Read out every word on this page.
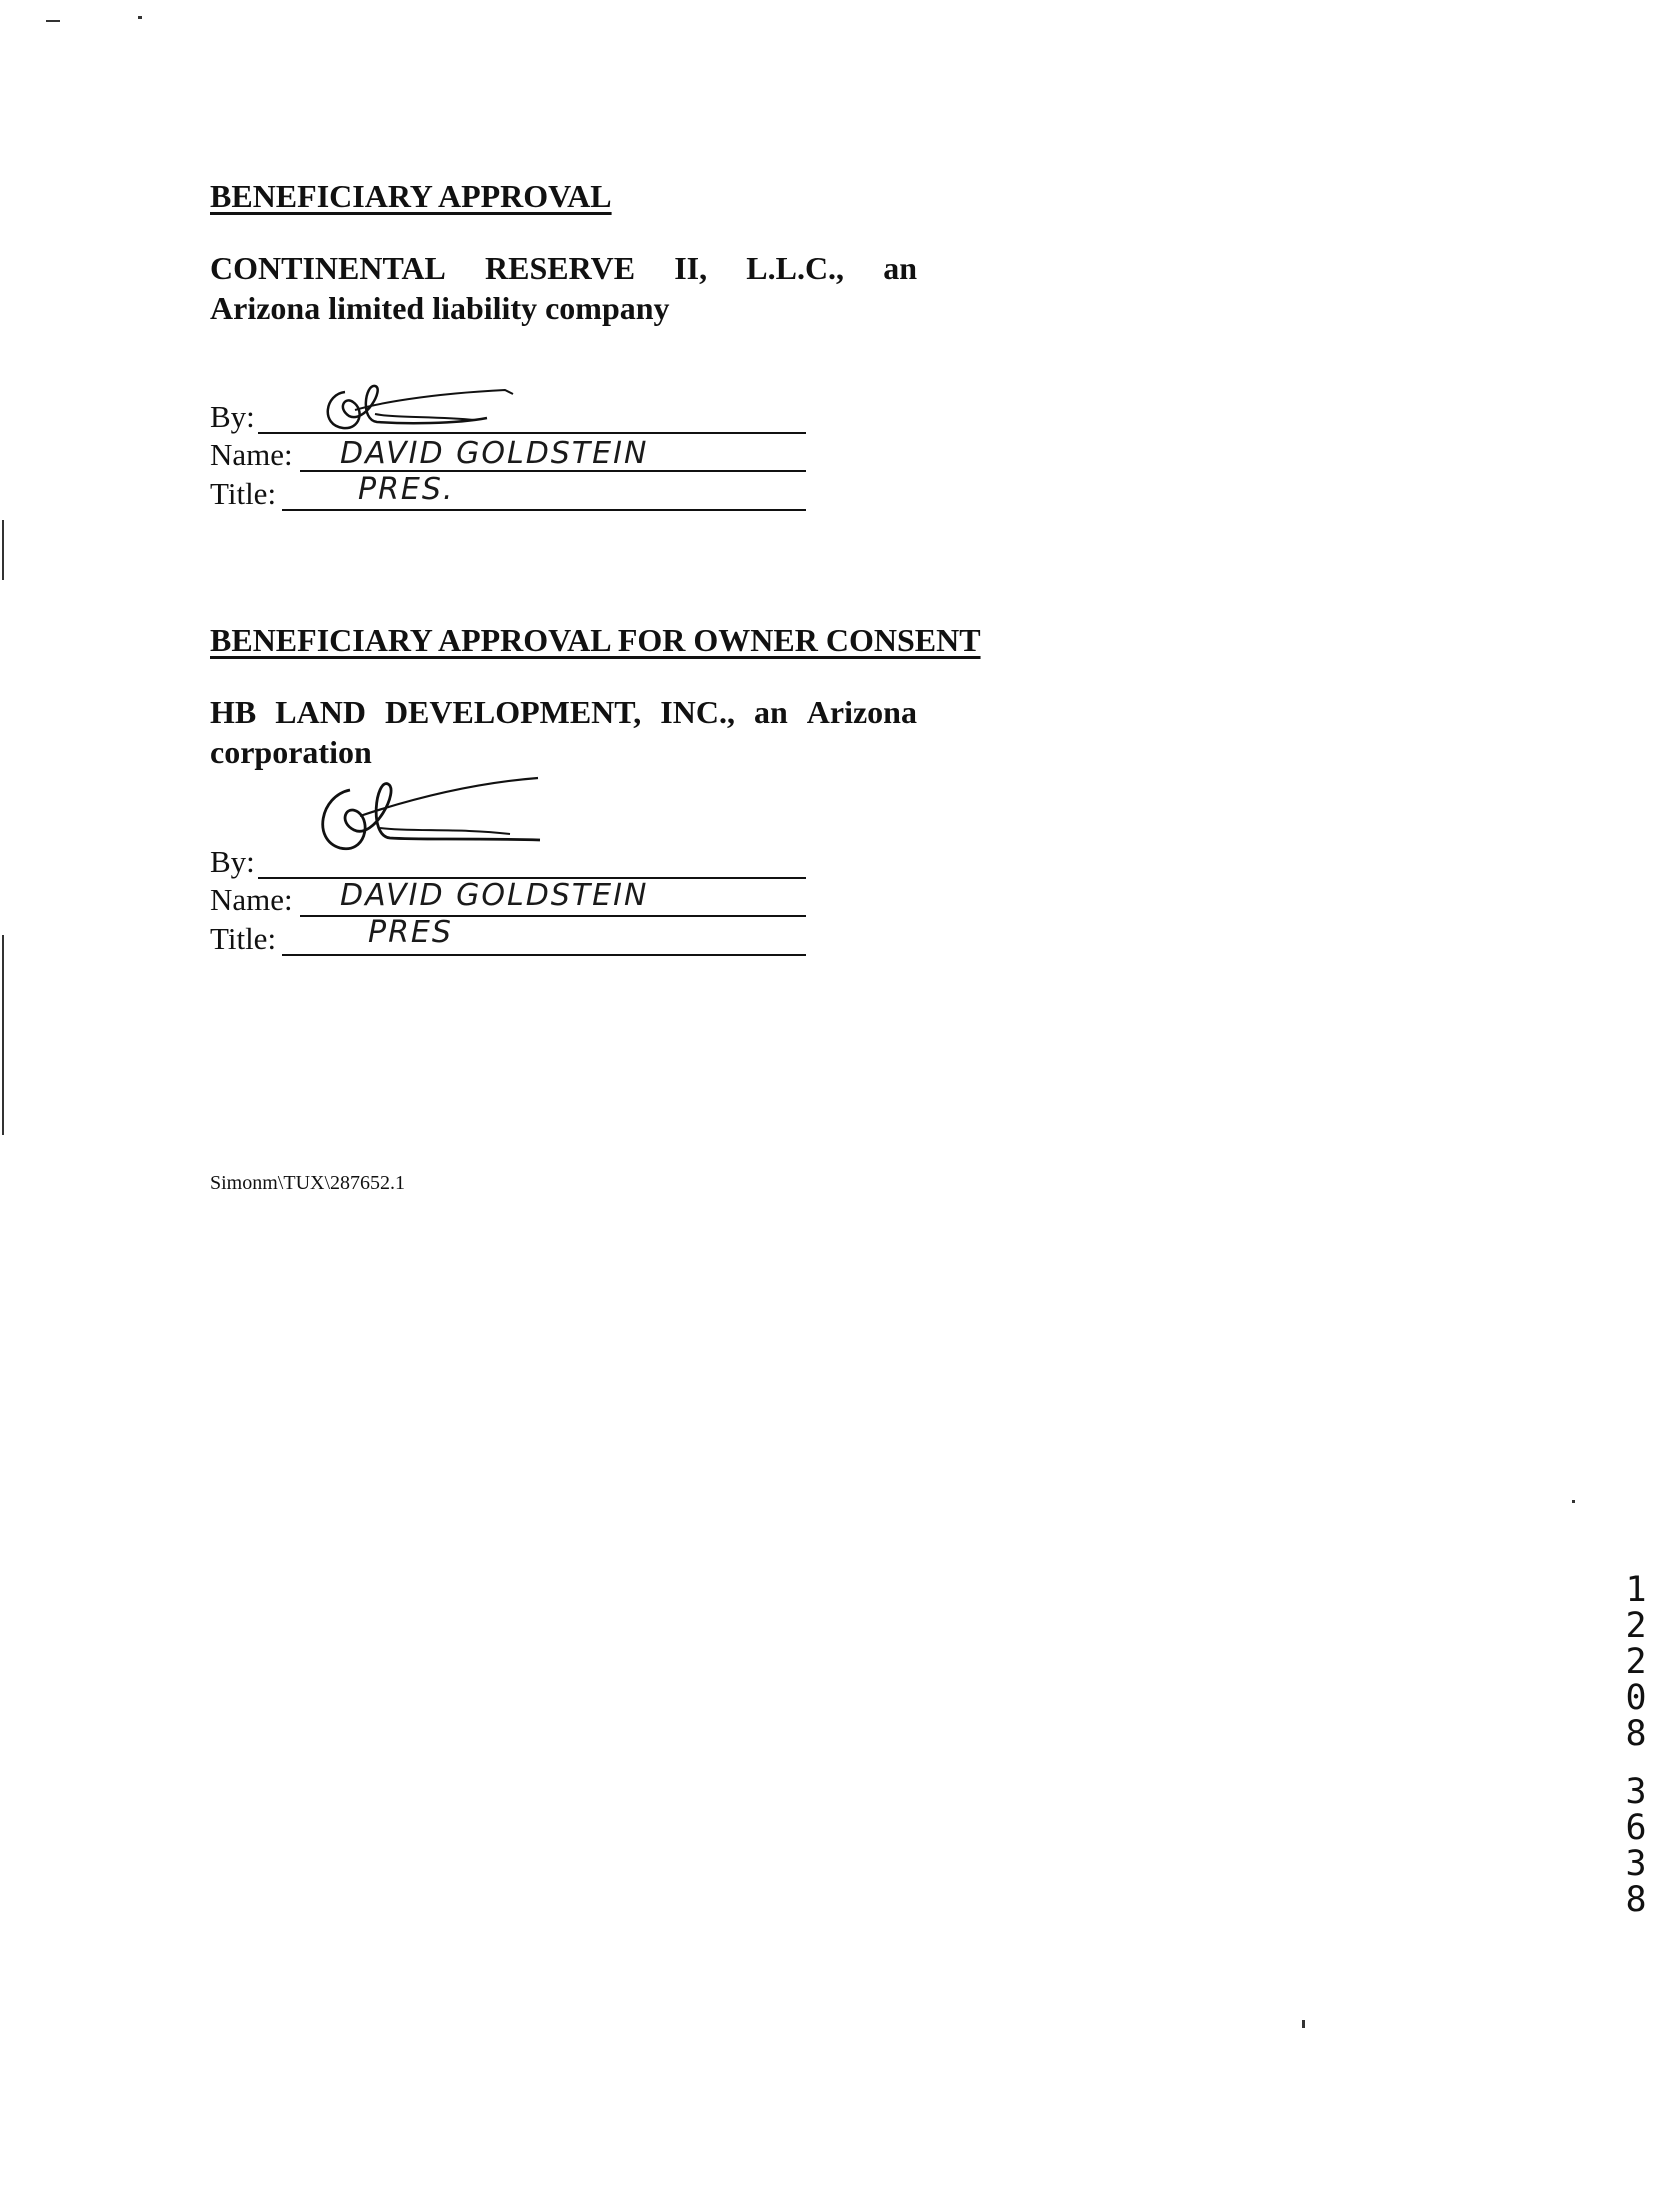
BENEFICIARY APPROVAL
CONTINENTAL RESERVE II, L.L.C., an
Arizona limited liability company
By:
Name: DAVID GOLDSTEIN
Title:	PRES.
BENEFICIARY APPROVAL FOR OWNER CONSENT
HB LAND DEVELOPMENT, INC., an Arizona
corporation
By:
Name: DAVID GOLDSTEIN
Title:	PRES
Simonm\TUX\287652.1
1
2
2
0
8
3
6
3
8
